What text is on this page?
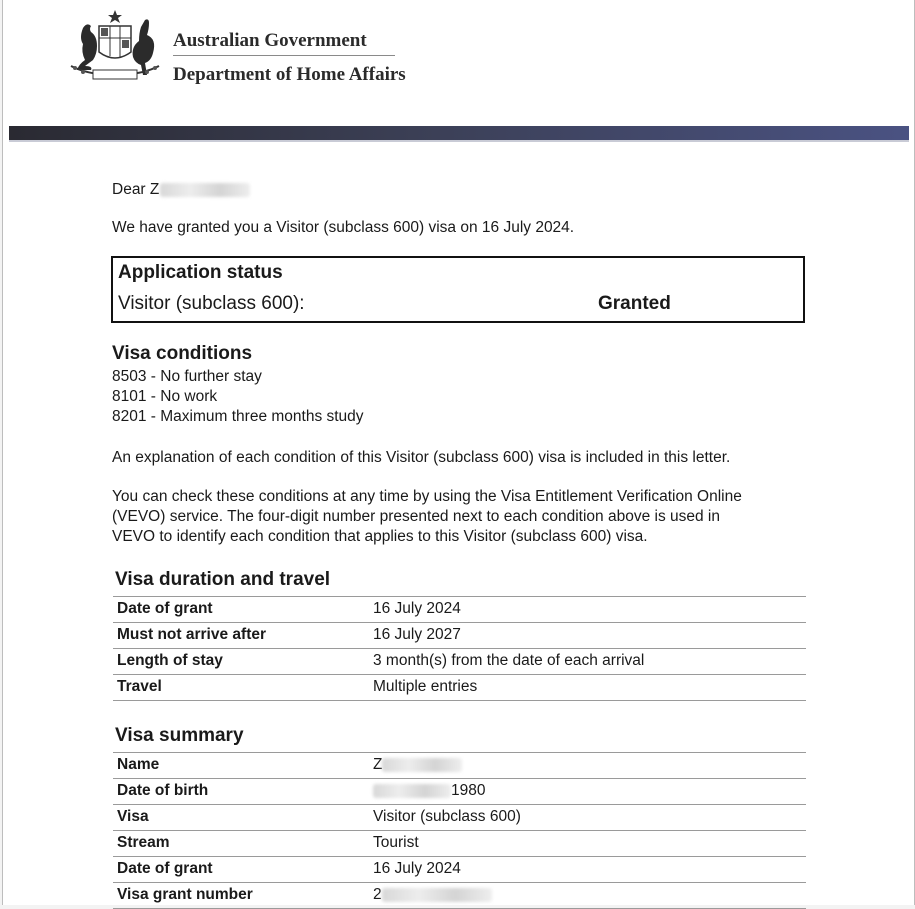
Australian Government
Department of Home Affairs
Dear Z
We have granted you a Visitor (subclass 600) visa on 16 July 2024.
Application status
Visitor (subclass 600):	Granted
Visa conditions
8503 - No further stay
8101 - No work
8201 - Maximum three months study
An explanation of each condition of this Visitor (subclass 600) visa is included in this letter.
You can check these conditions at any time by using the Visa Entitlement Verification Online
(VEVO) service. The four-digit number presented next to each condition above is used in
VEVO to identify each condition that applies to this Visitor (subclass 600) visa.
Visa duration and travel
Date of grant	16 July 2024
Must not arrive after	16 July 2027
Length of stay	3 month(s) from the date of each arrival
Travel	Multiple entries
Visa summary
Name	Z
Date of birth	1980
Visa	Visitor (subclass 600)
Stream	Tourist
Date of grant	16 July 2024
Visa grant number	2
